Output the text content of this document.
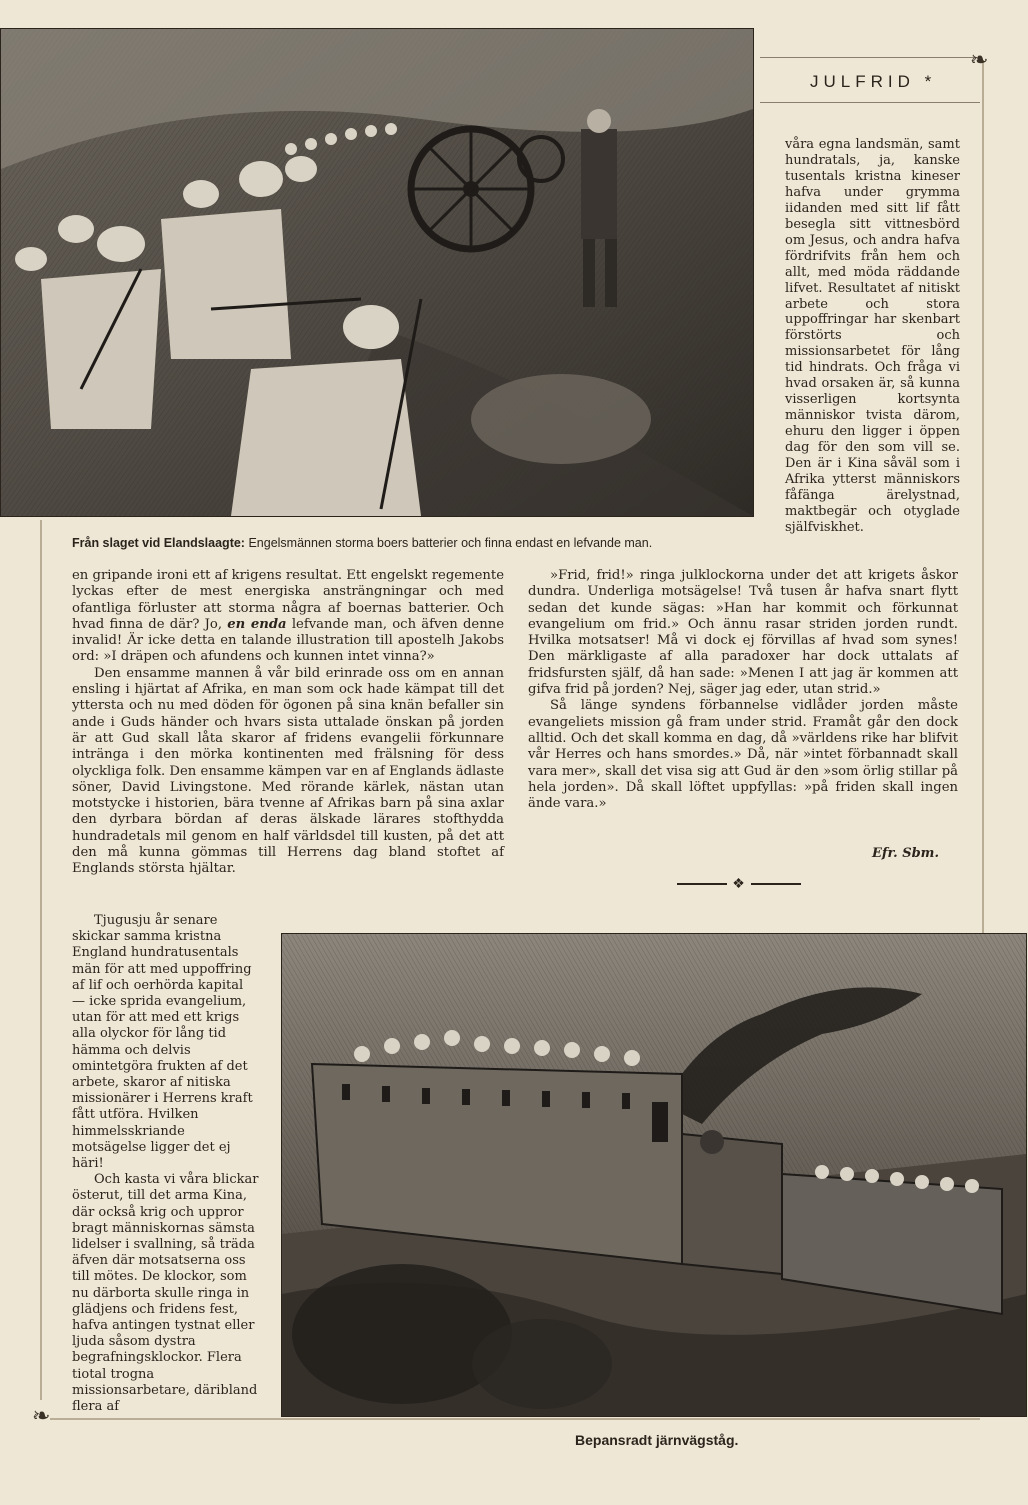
❧
❧
JULFRID *
Från slaget vid Elandslaagte: Engelsmännen storma boers batterier och finna endast en lefvande man.

våra egna landsmän, samt hundratals, ja, kanske tusentals kristna kineser hafva under grymma iidanden med sitt lif fått besegla sitt vittnesbörd om Jesus, och andra hafva fördrifvits från hem och allt, med möda räddande lifvet. Resultatet af nitiskt arbete och stora uppoffringar har skenbart förstörts och missionsarbetet för lång tid hindrats. Och fråga vi hvad orsaken är, så kunna visserligen kortsynta människor tvista därom, ehuru den ligger i öppen dag för den som vill se. Den är i Kina såväl som i Afrika ytterst människors fåfänga ärelystnad, maktbegär och otyglade själfviskhet.

en gripande ironi ett af krigens resultat. Ett engelskt regemente lyckas efter de mest energiska ansträngningar och med ofantliga förluster att storma några af boernas batterier. Och hvad finna de där? Jo, en enda lefvande man, och äfven denne invalid! Är icke detta en talande illustration till apostelh Jakobs ord: »I dräpen och afundens och kunnen intet vinna?»

Den ensamme mannen å vår bild erinrade oss om en annan ensling i hjärtat af Afrika, en man som ock hade kämpat till det yttersta och nu med döden för ögonen på sina knän befaller sin ande i Guds händer och hvars sista uttalade önskan på jorden är att Gud skall låta skaror af fridens evangelii förkunnare inträngа i den mörka kontinenten med frälsning för dess olyckliga folk. Den ensamme kämpen var en af Englands ädlaste söner, David Livingstone. Med rörande kärlek, nästan utan motstycke i historien, bära tvenne af Afrikas barn på sina axlar den dyrbara bördan af deras älskade lärares stofthydda hundradetals mil genom en half världsdel till kusten, på det att den må kunna gömmas till Herrens dag bland stoftet af Englands största hjältar.

»Frid, frid!» ringa julklockorna under det att krigets åskor dundra. Underliga motsägelse! Två tusen år hafva snart flytt sedan det kunde sägas: »Han har kommit och förkunnat evangelium om frid.» Och ännu rasar striden jorden rundt. Hvilka motsatser! Må vi dock ej förvillas af hvad som synes! Den märkligaste af alla paradoxer har dock uttalats af fridsfursten själf, då han sade: »Menen I att jag är kommen att gifva frid på jorden? Nej, säger jag eder, utan strid.»

Så länge syndens förbannelse vidlåder jorden måste evangeliets mission gå fram under strid. Framåt går den dock alltid. Och det skall komma en dag, då »världens rike har blifvit vår Herres och hans smordes.» Då, när »intet förbannadt skall vara mer», skall det visa sig att Gud är den »som örlig stillar på hela jorden». Då skall löftet uppfyllas: »på friden skall ingen ände vara.»

Efr. Sbm.
❖

Tjugusju år senare skickar samma kristna England hundratusentals män för att med uppoffring af lif och oerhörda kapital — icke sprida evangelium, utan för att med ett krigs alla olyckor för lång tid hämma och delvis omintetgöra frukten af det arbete, skaror af nitiska missionärer i Herrens kraft fått utföra. Hvilken himmelsskriande motsägelse ligger det ej häri!

Och kasta vi våra blickar österut, till det arma Kina, där också krig och uppror bragt människornas sämsta lidelser i svallning, så träda äfven där motsatserna oss till mötes. De klockor, som nu därborta skulle ringa in glädjens och fridens fest, hafva antingen tystnat eller ljuda såsom dystra begrafningsklockor. Flera tiotal trogna missionsarbetare, däribland flera af

Bepansradt järnvägståg.
